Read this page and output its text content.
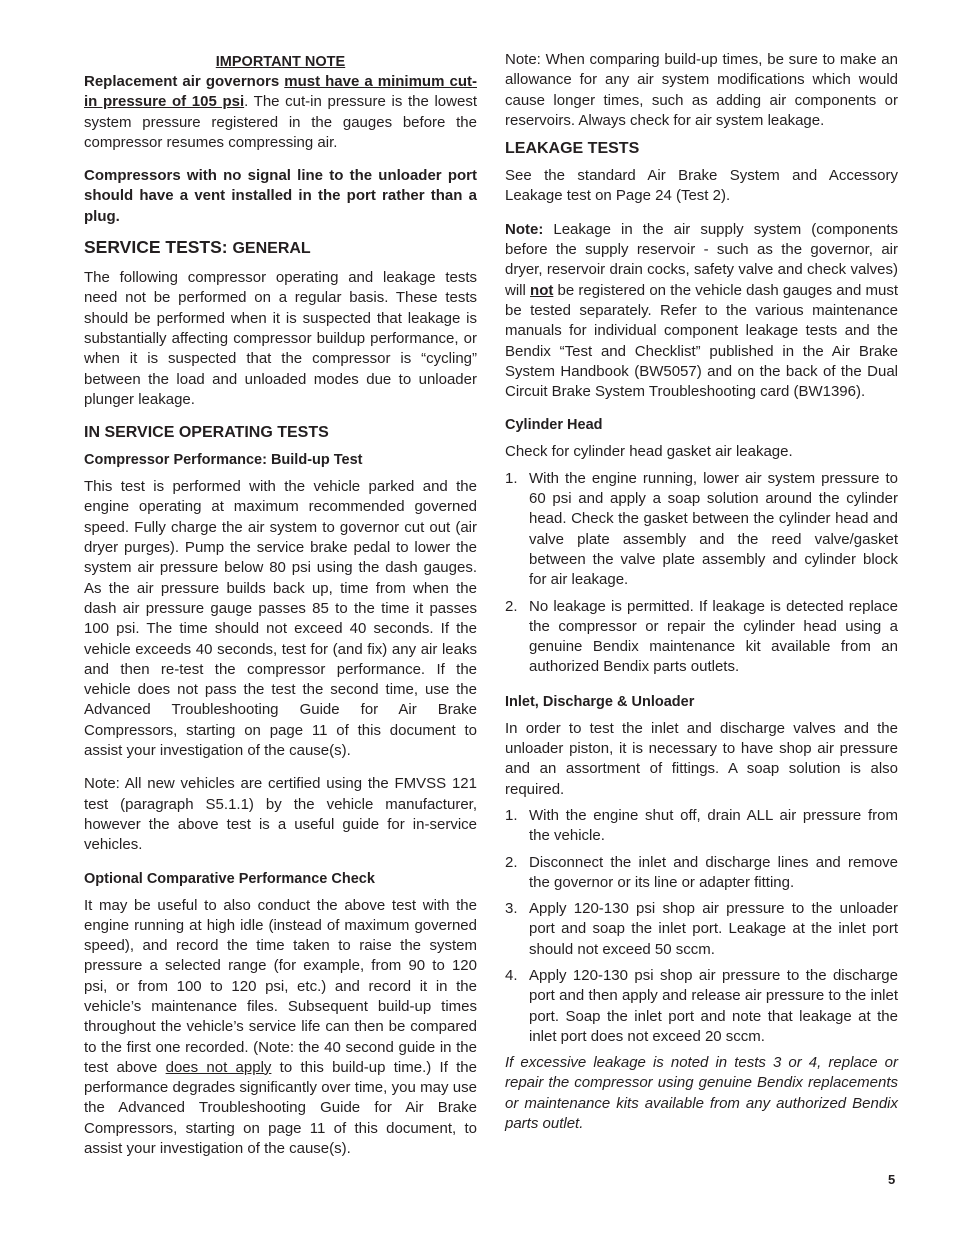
IMPORTANT NOTE

Replacement air governors must have a minimum cut-in pressure of 105 psi. The cut-in pressure is the lowest system pressure registered in the gauges before the compressor resumes compressing air.

Compressors with no signal line to the unloader port should have a vent installed in the port rather than a plug.

SERVICE TESTS: GENERAL

The following compressor operating and leakage tests need not be performed on a regular basis. These tests should be performed when it is suspected that leakage is substantially affecting compressor buildup performance, or when it is suspected that the compressor is “cycling” between the load and unloaded modes due to unloader plunger leakage.

IN SERVICE OPERATING TESTS
Compressor Performance: Build-up Test

This test is performed with the vehicle parked and the engine operating at maximum recommended governed speed. Fully charge the air system to governor cut out (air dryer purges). Pump the service brake pedal to lower the system air pressure below 80 psi using the dash gauges. As the air pressure builds back up, time from when the dash air pressure gauge passes 85 to the time it passes 100 psi. The time should not exceed 40 seconds. If the vehicle exceeds 40 seconds, test for (and fix) any air leaks and then re-test the compressor performance. If the vehicle does not pass the test the second time, use the Advanced Troubleshooting Guide for Air Brake Compressors, starting on page 11 of this document to assist your investigation of the cause(s).

Note: All new vehicles are certified using the FMVSS 121 test (paragraph S5.1.1) by the vehicle manufacturer, however the above test is a useful guide for in-service vehicles.

Optional Comparative Performance Check

It may be useful to also conduct the above test with the engine running at high idle (instead of maximum governed speed), and record the time taken to raise the system pressure a selected range (for example, from 90 to 120 psi, or from 100 to 120 psi, etc.) and record it in the vehicle’s maintenance files. Subsequent build-up times throughout the vehicle’s service life can then be compared to the first one recorded. (Note: the 40 second guide in the test above does not apply to this build-up time.) If the performance degrades significantly over time, you may use the Advanced Troubleshooting Guide for Air Brake Compressors, starting on page 11 of this document, to assist your investigation of the cause(s).

Note: When comparing build-up times, be sure to make an allowance for any air system modifications which would cause longer times, such as adding air components or reservoirs. Always check for air system leakage.

LEAKAGE TESTS

See the standard Air Brake System and Accessory Leakage test on Page 24 (Test 2).

Note: Leakage in the air supply system (components before the supply reservoir - such as the governor, air dryer, reservoir drain cocks, safety valve and check valves) will not be registered on the vehicle dash gauges and must be tested separately. Refer to the various maintenance manuals for individual component leakage tests and the Bendix “Test and Checklist” published in the Air Brake System Handbook (BW5057) and on the back of the Dual Circuit Brake System Troubleshooting card (BW1396).

Cylinder Head

Check for cylinder head gasket air leakage.

1. With the engine running, lower air system pressure to 60 psi and apply a soap solution around the cylinder head. Check the gasket between the cylinder head and valve plate assembly and the reed valve/gasket between the valve plate assembly and cylinder block for air leakage.

2. No leakage is permitted. If leakage is detected replace the compressor or repair the cylinder head using a genuine Bendix maintenance kit available from an authorized Bendix parts outlets.

Inlet, Discharge & Unloader

In order to test the inlet and discharge valves and the unloader piston, it is necessary to have shop air pressure and an assortment of fittings. A soap solution is also required.

1. With the engine shut off, drain ALL air pressure from the vehicle.

2. Disconnect the inlet and discharge lines and remove the governor or its line or adapter fitting.

3. Apply 120-130 psi shop air pressure to the unloader port and soap the inlet port. Leakage at the inlet port should not exceed 50 sccm.

4. Apply 120-130 psi shop air pressure to the discharge port and then apply and release air pressure to the inlet port. Soap the inlet port and note that leakage at the inlet port does not exceed 20 sccm.

If excessive leakage is noted in tests 3 or 4, replace or repair the compressor using genuine Bendix replacements or maintenance kits available from any authorized Bendix parts outlet.

5
